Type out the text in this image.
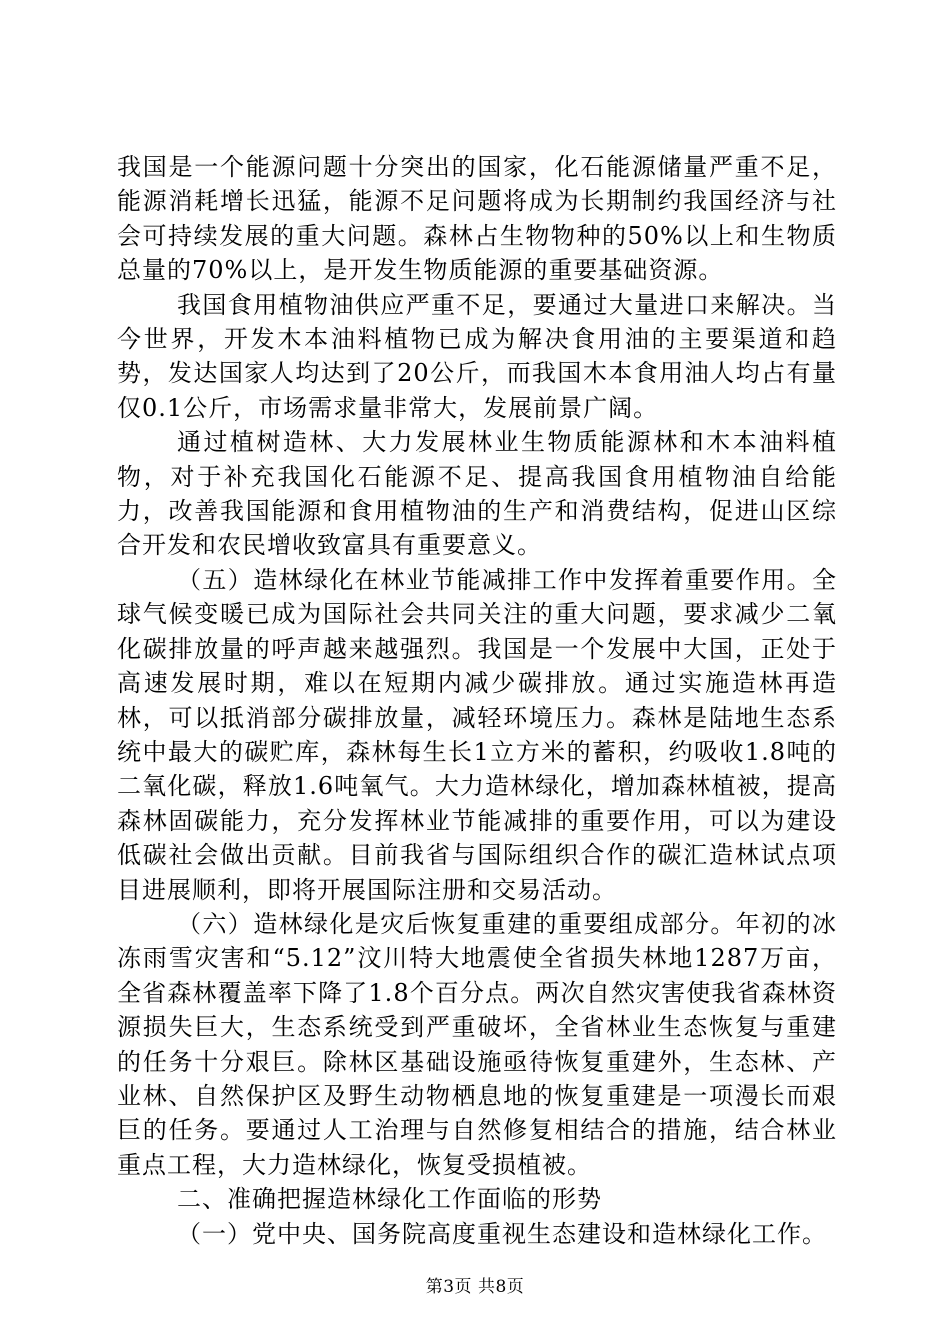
我国是一个能源问题十分突出的国家，化石能源储量严重不足，能源消耗增长迅猛，能源不足问题将成为长期制约我国经济与社会可持续发展的重大问题。森林占生物物种的50%以上和生物质总量的70%以上，是开发生物质能源的重要基础资源。

我国食用植物油供应严重不足，要通过大量进口来解决。当今世界，开发木本油料植物已成为解决食用油的主要渠道和趋势，发达国家人均达到了20公斤，而我国木本食用油人均占有量仅0.1公斤，市场需求量非常大，发展前景广阔。

通过植树造林、大力发展林业生物质能源林和木本油料植物，对于补充我国化石能源不足、提高我国食用植物油自给能力，改善我国能源和食用植物油的生产和消费结构，促进山区综合开发和农民增收致富具有重要意义。

（五）造林绿化在林业节能减排工作中发挥着重要作用。全球气候变暖已成为国际社会共同关注的重大问题，要求减少二氧化碳排放量的呼声越来越强烈。我国是一个发展中大国，正处于高速发展时期，难以在短期内减少碳排放。通过实施造林再造林，可以抵消部分碳排放量，减轻环境压力。森林是陆地生态系统中最大的碳贮库，森林每生长1立方米的蓄积，约吸收1.8吨的二氧化碳，释放1.6吨氧气。大力造林绿化，增加森林植被，提高森林固碳能力，充分发挥林业节能减排的重要作用，可以为建设低碳社会做出贡献。目前我省与国际组织合作的碳汇造林试点项目进展顺利，即将开展国际注册和交易活动。

（六）造林绿化是灾后恢复重建的重要组成部分。年初的冰冻雨雪灾害和“5.12”汶川特大地震使全省损失林地1287万亩，全省森林覆盖率下降了1.8个百分点。两次自然灾害使我省森林资源损失巨大，生态系统受到严重破坏，全省林业生态恢复与重建的任务十分艰巨。除林区基础设施亟待恢复重建外，生态林、产业林、自然保护区及野生动物栖息地的恢复重建是一项漫长而艰巨的任务。要通过人工治理与自然修复相结合的措施，结合林业重点工程，大力造林绿化，恢复受损植被。

二、准确把握造林绿化工作面临的形势

（一）党中央、国务院高度重视生态建设和造林绿化工作。

第3页 共8页
